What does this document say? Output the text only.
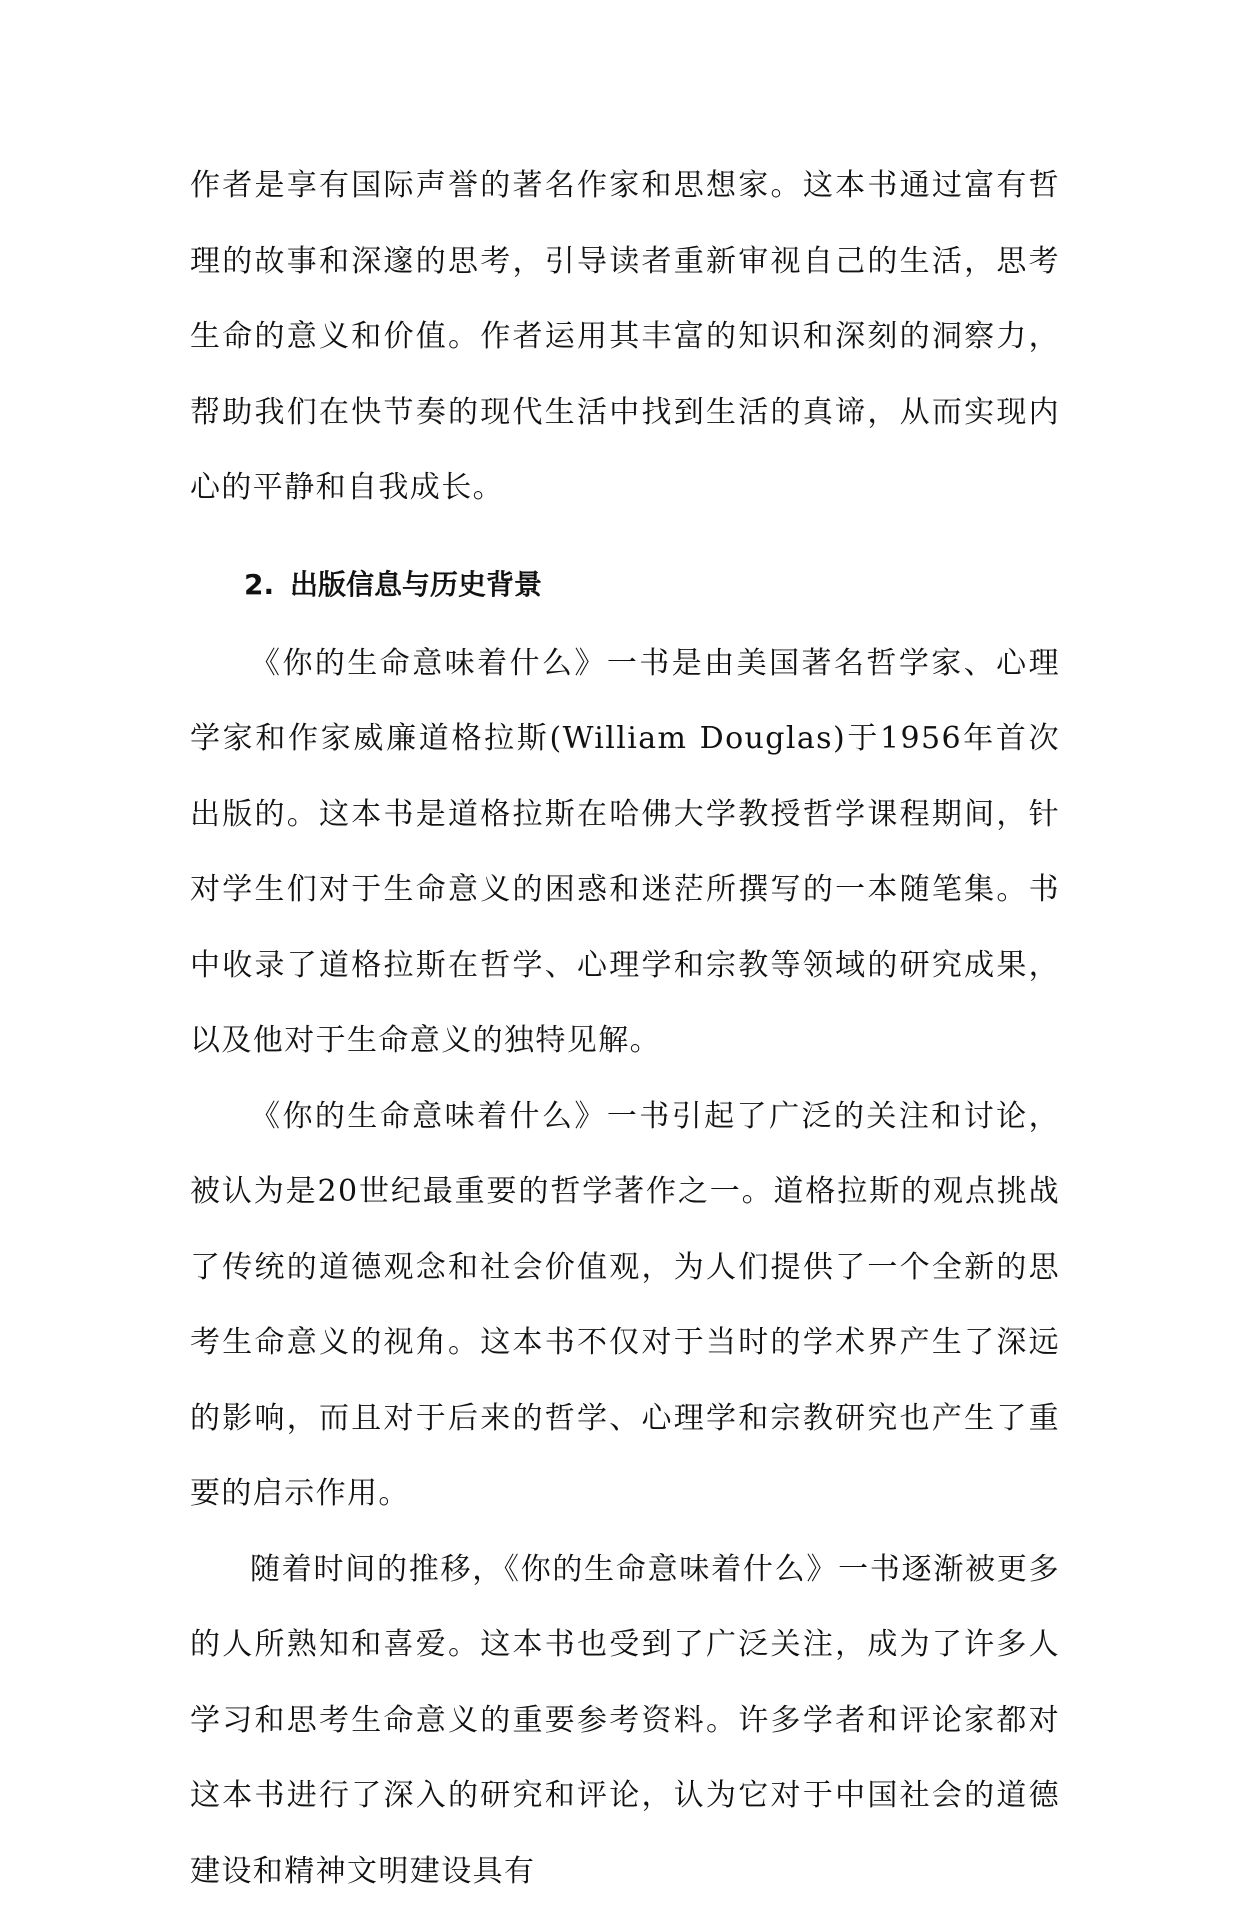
作者是享有国际声誉的著名作家和思想家。这本书通过富有哲理的故事和深邃的思考，引导读者重新审视自己的生活，思考生命的意义和价值。作者运用其丰富的知识和深刻的洞察力，帮助我们在快节奏的现代生活中找到生活的真谛，从而实现内心的平静和自我成长。

2. 出版信息与历史背景

《你的生命意味着什么》一书是由美国著名哲学家、心理学家和作家威廉道格拉斯(William Douglas)于1956年首次出版的。这本书是道格拉斯在哈佛大学教授哲学课程期间，针对学生们对于生命意义的困惑和迷茫所撰写的一本随笔集。书中收录了道格拉斯在哲学、心理学和宗教等领域的研究成果，以及他对于生命意义的独特见解。

《你的生命意味着什么》一书引起了广泛的关注和讨论，被认为是20世纪最重要的哲学著作之一。道格拉斯的观点挑战了传统的道德观念和社会价值观，为人们提供了一个全新的思考生命意义的视角。这本书不仅对于当时的学术界产生了深远的影响，而且对于后来的哲学、心理学和宗教研究也产生了重要的启示作用。

随着时间的推移，《你的生命意味着什么》一书逐渐被更多的人所熟知和喜爱。这本书也受到了广泛关注，成为了许多人学习和思考生命意义的重要参考资料。许多学者和评论家都对这本书进行了深入的研究和评论，认为它对于中国社会的道德建设和精神文明建设具有
